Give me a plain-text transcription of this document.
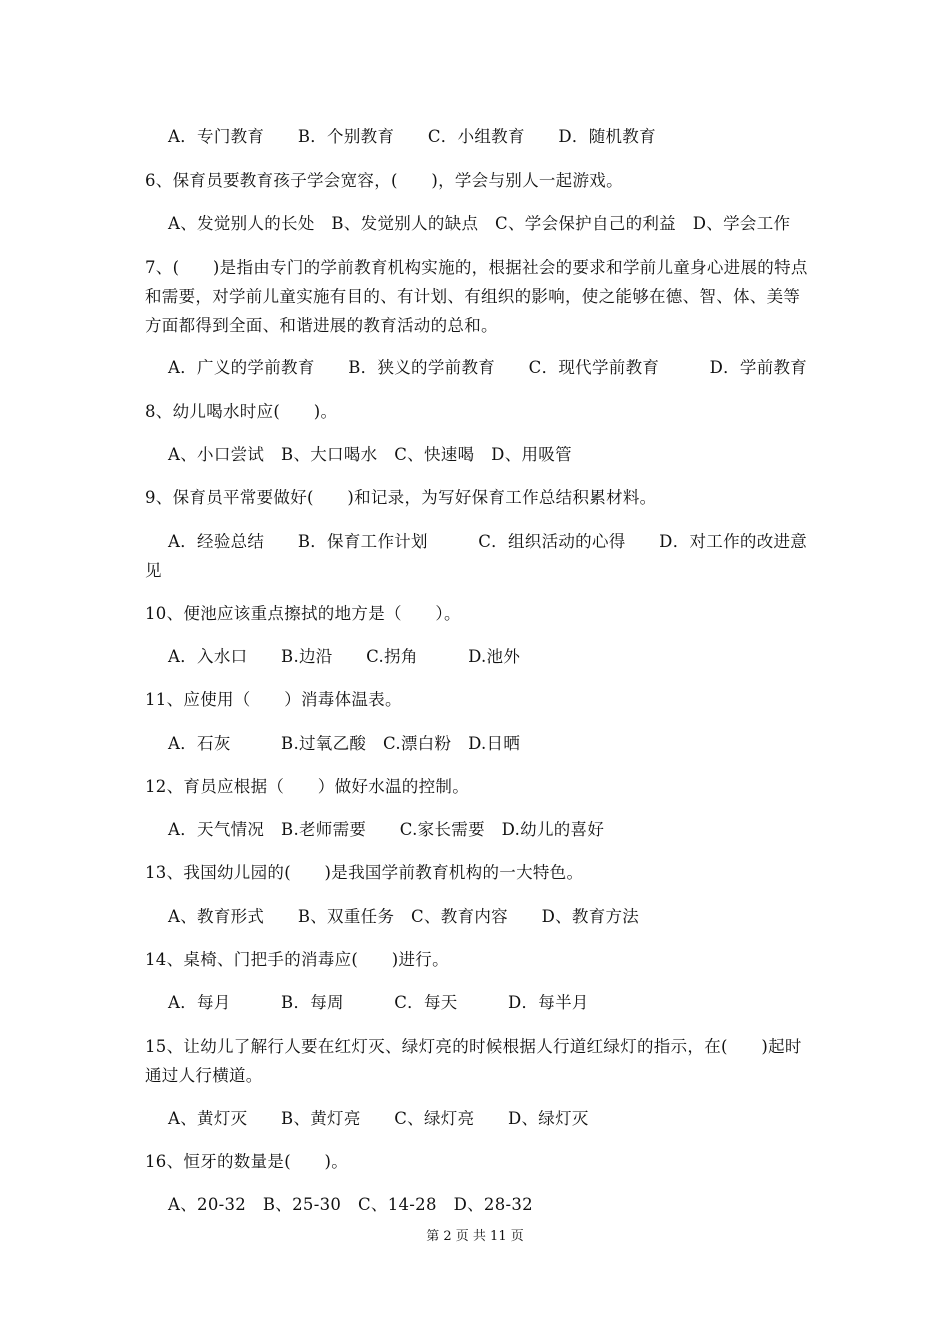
A．专门教育　　B．个别教育　　C．小组教育　　D．随机教育
6、保育员要教育孩子学会宽容，(　　)，学会与别人一起游戏。
A、发觉别人的长处　B、发觉别人的缺点　C、学会保护自己的利益　D、学会工作
7、(　　)是指由专门的学前教育机构实施的，根据社会的要求和学前儿童身心进展的特点
和需要，对学前儿童实施有目的、有计划、有组织的影响，使之能够在德、智、体、美等
方面都得到全面、和谐进展的教育活动的总和。
A．广义的学前教育　　B．狭义的学前教育　　C．现代学前教育　　　D．学前教育
8、幼儿喝水时应(　　)。
A、小口尝试　B、大口喝水　C、快速喝　D、用吸管
9、保育员平常要做好(　　)和记录，为写好保育工作总结积累材料。
A．经验总结　　B．保育工作计划　　　C．组织活动的心得　　D．对工作的改进意
见
10、便池应该重点擦拭的地方是（　　）。
A．入水口　　B.边沿　　C.拐角　　　D.池外
11、应使用（　　）消毒体温表。
A．石灰　　　B.过氧乙酸　C.漂白粉　D.日晒
12、育员应根据（　　）做好水温的控制。
A．天气情况　B.老师需要　　C.家长需要　D.幼儿的喜好
13、我国幼儿园的(　　)是我国学前教育机构的一大特色。
A、教育形式　　B、双重任务　C、教育内容　　D、教育方法
14、桌椅、门把手的消毒应(　　)进行。
A．每月　　　B．每周　　　C．每天　　　D．每半月
15、让幼儿了解行人要在红灯灭、绿灯亮的时候根据人行道红绿灯的指示，在(　　)起时
通过人行横道。
A、黄灯灭　　B、黄灯亮　　C、绿灯亮　　D、绿灯灭
16、恒牙的数量是(　　)。
A、20-32　B、25-30　C、14-28　D、28-32
第 2 页 共 11 页
